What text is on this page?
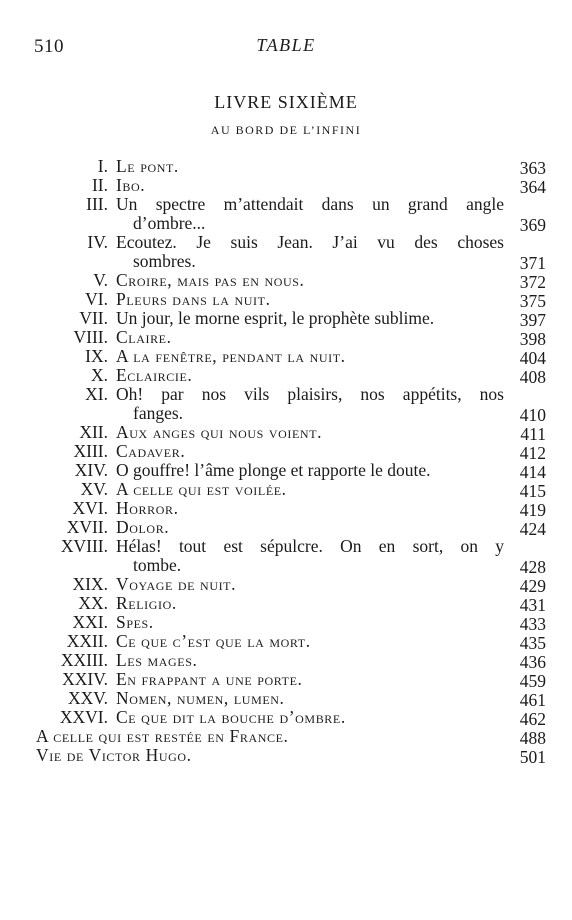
510	TABLE
LIVRE SIXIÈME
AU BORD DE L’INFINI
I. Le pont.	363
II. Ibo.	364
III. Un spectre m’attendait dans un grand angle
d’ombre...	369
IV. Ecoutez. Je suis Jean. J’ai vu des choses
sombres.	371
V. Croire, mais pas en nous.	372
VI. Pleurs dans la nuit.	375
VII. Un jour, le morne esprit, le prophète sublime.	397
VIII. Claire.	398
IX. A la fenêtre, pendant la nuit.	404
X. Eclaircie.	408
XI. Oh! par nos vils plaisirs, nos appétits, nos
fanges.	410
XII. Aux anges qui nous voient.	411
XIII. Cadaver.	412
XIV. O gouffre! l’âme plonge et rapporte le doute.	414
XV. A celle qui est voilée.	415
XVI. Horror.	419
XVII. Dolor.	424
XVIII. Hélas! tout est sépulcre. On en sort, on y
tombe.	428
XIX. Voyage de nuit.	429
XX. Religio.	431
XXI. Spes.	433
XXII. Ce que c’est que la mort.	435
XXIII. Les mages.	436
XXIV. En frappant a une porte.	459
XXV. Nomen, numen, lumen.	461
XXVI. Ce que dit la bouche d’ombre.	462
A celle qui est restée en France.	488
Vie de Victor Hugo.	501
